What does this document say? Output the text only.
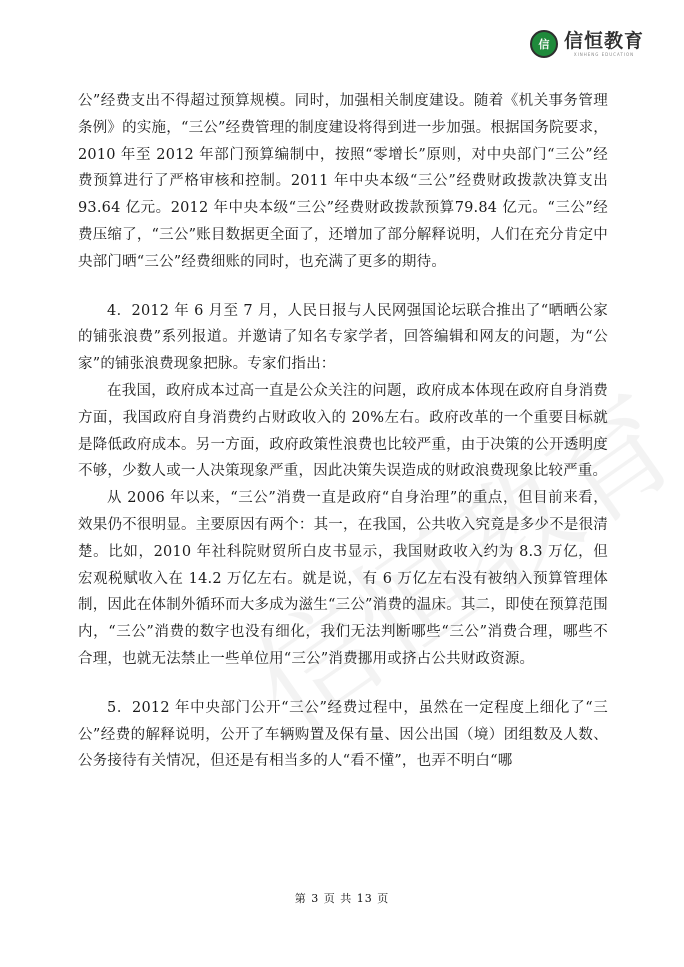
信 信恒教育
XINHENG EDUCATION

公”经费支出不得超过预算规模。同时，加强相关制度建设。随着《机关事务管理条例》的实施，“三公”经费管理的制度建设将得到进一步加强。根据国务院要求，2010 年至 2012 年部门预算编制中，按照“零增长”原则，对中央部门“三公”经费预算进行了严格审核和控制。2011 年中央本级“三公”经费财政拨款决算支出 93.64 亿元。2012 年中央本级“三公”经费财政拨款预算79.84 亿元。“三公”经费压缩了，“三公”账目数据更全面了，还增加了部分解释说明，人们在充分肯定中央部门晒“三公”经费细账的同时，也充满了更多的期待。

4．2012 年 6 月至 7 月，人民日报与人民网强国论坛联合推出了“晒晒公家的铺张浪费”系列报道。并邀请了知名专家学者，回答编辑和网友的问题，为“公家”的铺张浪费现象把脉。专家们指出：

在我国，政府成本过高一直是公众关注的问题，政府成本体现在政府自身消费方面，我国政府自身消费约占财政收入的 20%左右。政府改革的一个重要目标就是降低政府成本。另一方面，政府政策性浪费也比较严重，由于决策的公开透明度不够，少数人或一人决策现象严重，因此决策失误造成的财政浪费现象比较严重。

从 2006 年以来，“三公”消费一直是政府“自身治理”的重点，但目前来看，效果仍不很明显。主要原因有两个：其一，在我国，公共收入究竟是多少不是很清楚。比如，2010 年社科院财贸所白皮书显示，我国财政收入约为 8.3 万亿，但宏观税赋收入在 14.2 万亿左右。就是说，有 6 万亿左右没有被纳入预算管理体制，因此在体制外循环而大多成为滋生“三公”消费的温床。其二，即使在预算范围内，“三公”消费的数字也没有细化，我们无法判断哪些“三公”消费合理，哪些不合理，也就无法禁止一些单位用“三公”消费挪用或挤占公共财政资源。

5．2012 年中央部门公开“三公”经费过程中，虽然在一定程度上细化了“三公”经费的解释说明，公开了车辆购置及保有量、因公出国（境）团组数及人数、公务接待有关情况，但还是有相当多的人“看不懂”，也弄不明白“哪

第 3 页 共 13 页
